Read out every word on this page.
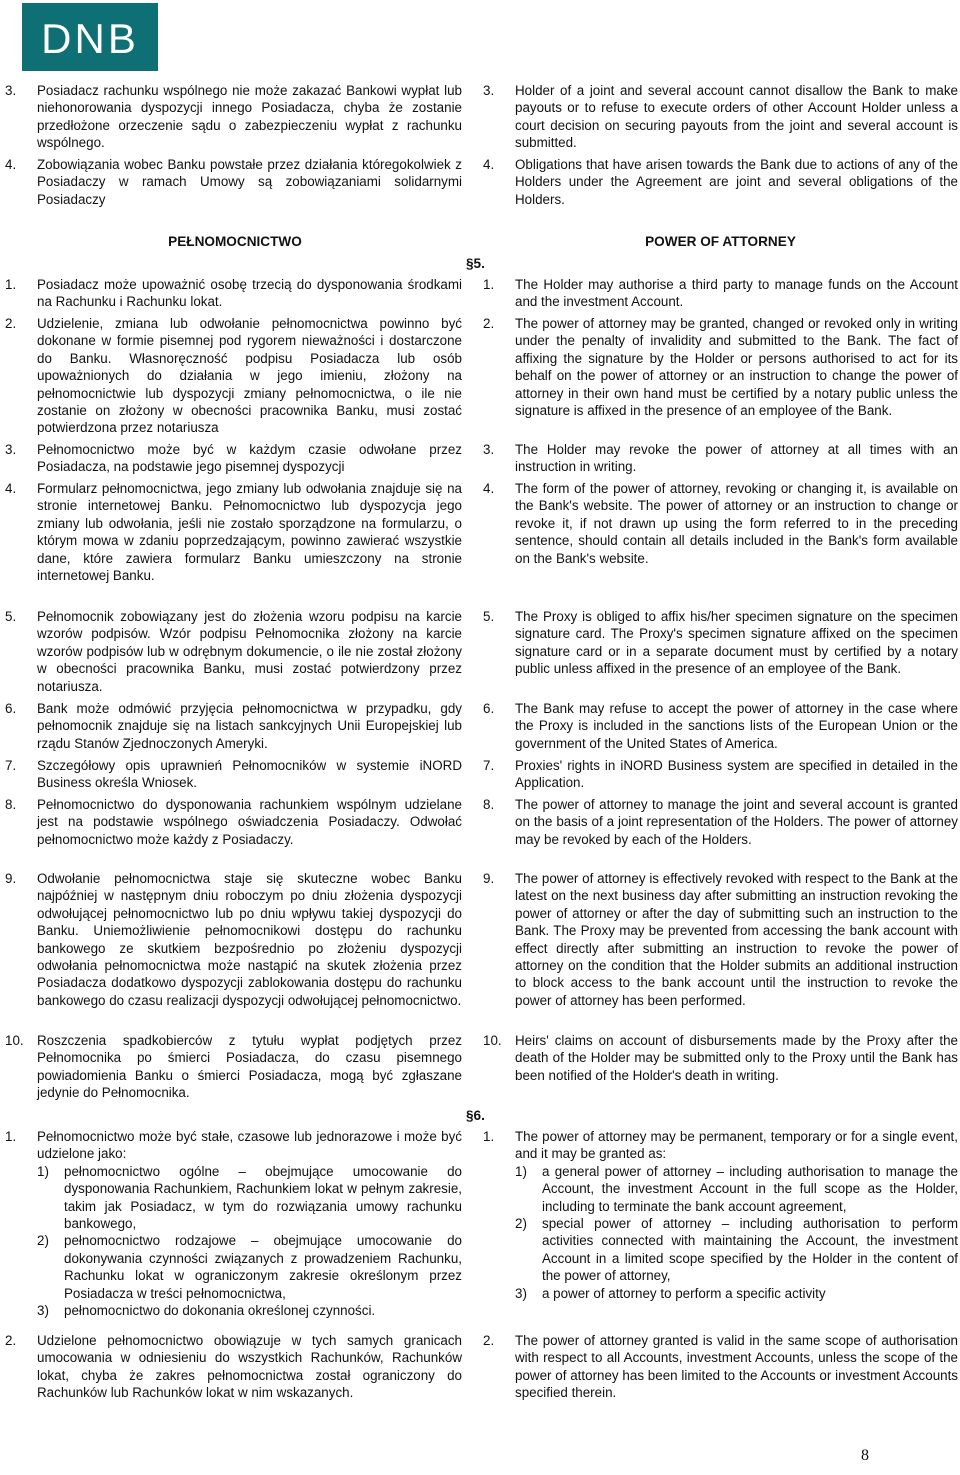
DNB
3. Posiadacz rachunku wspólnego nie może zakazać Bankowi wypłat lub niehonorowania dyspozycji innego Posiadacza, chyba że zostanie przedłożone orzeczenie sądu o zabezpieczeniu wypłat z rachunku wspólnego.
4. Zobowiązania wobec Banku powstałe przez działania któregokolwiek z Posiadaczy w ramach Umowy są zobowiązaniami solidarnymi Posiadaczy
PEŁNOMOCNICTWO
1. Posiadacz może upoważnić osobę trzecią do dysponowania środkami na Rachunku i Rachunku lokat.
2. Udzielenie, zmiana lub odwołanie pełnomocnictwa powinno być dokonane w formie pisemnej pod rygorem nieważności i dostarczone do Banku. Własnoręczność podpisu Posiadacza lub osób upoważnionych do działania w jego imieniu, złożony na pełnomocnictwie lub dyspozycji zmiany pełnomocnictwa, o ile nie zostanie on złożony w obecności pracownika Banku, musi zostać potwierdzona przez notariusza
3. Pełnomocnictwo może być w każdym czasie odwołane przez Posiadacza, na podstawie jego pisemnej dyspozycji
4. Formularz pełnomocnictwa, jego zmiany lub odwołania znajduje się na stronie internetowej Banku. Pełnomocnictwo lub dyspozycja jego zmiany lub odwołania, jeśli nie zostało sporządzone na formularzu, o którym mowa w zdaniu poprzedzającym, powinno zawierać wszystkie dane, które zawiera formularz Banku umieszczony na stronie internetowej Banku.
5. Pełnomocnik zobowiązany jest do złożenia wzoru podpisu na karcie wzorów podpisów. Wzór podpisu Pełnomocnika złożony na karcie wzorów podpisów lub w odrębnym dokumencie, o ile nie został złożony w obecności pracownika Banku, musi zostać potwierdzony przez notariusza.
6. Bank może odmówić przyjęcia pełnomocnictwa w przypadku, gdy pełnomocnik znajduje się na listach sankcyjnych Unii Europejskiej lub rządu Stanów Zjednoczonych Ameryki.
7. Szczegółowy opis uprawnień Pełnomocników w systemie iNORD Business określa Wniosek.
8. Pełnomocnictwo do dysponowania rachunkiem wspólnym udzielane jest na podstawie wspólnego oświadczenia Posiadaczy. Odwołać pełnomocnictwo może każdy z Posiadaczy.
9. Odwołanie pełnomocnictwa staje się skuteczne wobec Banku najpóźniej w następnym dniu roboczym po dniu złożenia dyspozycji odwołującej pełnomocnictwo lub po dniu wpływu takiej dyspozycji do Banku. Uniemożliwienie pełnomocnikowi dostępu do rachunku bankowego ze skutkiem bezpośrednio po złożeniu dyspozycji odwołania pełnomocnictwa może nastąpić na skutek złożenia przez Posiadacza dodatkowo dyspozycji zablokowania dostępu do rachunku bankowego do czasu realizacji dyspozycji odwołującej pełnomocnictwo.
10. Roszczenia spadkobierców z tytułu wypłat podjętych przez Pełnomocnika po śmierci Posiadacza, do czasu pisemnego powiadomienia Banku o śmierci Posiadacza, mogą być zgłaszane jedynie do Pełnomocnika.
1. Pełnomocnictwo może być stałe, czasowe lub jednorazowe i może być udzielone jako:
1) pełnomocnictwo ogólne – obejmujące umocowanie do dysponowania Rachunkiem, Rachunkiem lokat w pełnym zakresie, takim jak Posiadacz, w tym do rozwiązania umowy rachunku bankowego,
2) pełnomocnictwo rodzajowe – obejmujące umocowanie do dokonywania czynności związanych z prowadzeniem Rachunku, Rachunku lokat w ograniczonym zakresie określonym przez Posiadacza w treści pełnomocnictwa,
3) pełnomocnictwo do dokonania określonej czynności.
2. Udzielone pełnomocnictwo obowiązuje w tych samych granicach umocowania w odniesieniu do wszystkich Rachunków, Rachunków lokat, chyba że zakres pełnomocnictwa został ograniczony do Rachunków lub Rachunków lokat w nim wskazanych.
§5.
§6.
3. Holder of a joint and several account cannot disallow the Bank to make payouts or to refuse to execute orders of other Account Holder unless a court decision on securing payouts from the joint and several account is submitted.
4. Obligations that have arisen towards the Bank due to actions of any of the Holders under the Agreement are joint and several obligations of the Holders.
POWER OF ATTORNEY
1. The Holder may authorise a third party to manage funds on the Account and the investment Account.
2. The power of attorney may be granted, changed or revoked only in writing under the penalty of invalidity and submitted to the Bank. The fact of affixing the signature by the Holder or persons authorised to act for its behalf on the power of attorney or an instruction to change the power of attorney in their own hand must be certified by a notary public unless the signature is affixed in the presence of an employee of the Bank.
3. The Holder may revoke the power of attorney at all times with an instruction in writing.
4. The form of the power of attorney, revoking or changing it, is available on the Bank's website. The power of attorney or an instruction to change or revoke it, if not drawn up using the form referred to in the preceding sentence, should contain all details included in the Bank's form available on the Bank's website.
5. The Proxy is obliged to affix his/her specimen signature on the specimen signature card. The Proxy's specimen signature affixed on the specimen signature card or in a separate document must by certified by a notary public unless affixed in the presence of an employee of the Bank.
6. The Bank may refuse to accept the power of attorney in the case where the Proxy is included in the sanctions lists of the European Union or the government of the United States of America.
7. Proxies' rights in iNORD Business system are specified in detailed in the Application.
8. The power of attorney to manage the joint and several account is granted on the basis of a joint representation of the Holders. The power of attorney may be revoked by each of the Holders.
9. The power of attorney is effectively revoked with respect to the Bank at the latest on the next business day after submitting an instruction revoking the power of attorney or after the day of submitting such an instruction to the Bank. The Proxy may be prevented from accessing the bank account with effect directly after submitting an instruction to revoke the power of attorney on the condition that the Holder submits an additional instruction to block access to the bank account until the instruction to revoke the power of attorney has been performed.
10. Heirs' claims on account of disbursements made by the Proxy after the death of the Holder may be submitted only to the Proxy until the Bank has been notified of the Holder's death in writing.
1. The power of attorney may be permanent, temporary or for a single event, and it may be granted as:
1) a general power of attorney – including authorisation to manage the Account, the investment Account in the full scope as the Holder, including to terminate the bank account agreement,
2) special power of attorney – including authorisation to perform activities connected with maintaining the Account, the investment Account in a limited scope specified by the Holder in the content of the power of attorney,
3) a power of attorney to perform a specific activity
2. The power of attorney granted is valid in the same scope of authorisation with respect to all Accounts, investment Accounts, unless the scope of the power of attorney has been limited to the Accounts or investment Accounts specified therein.
8
